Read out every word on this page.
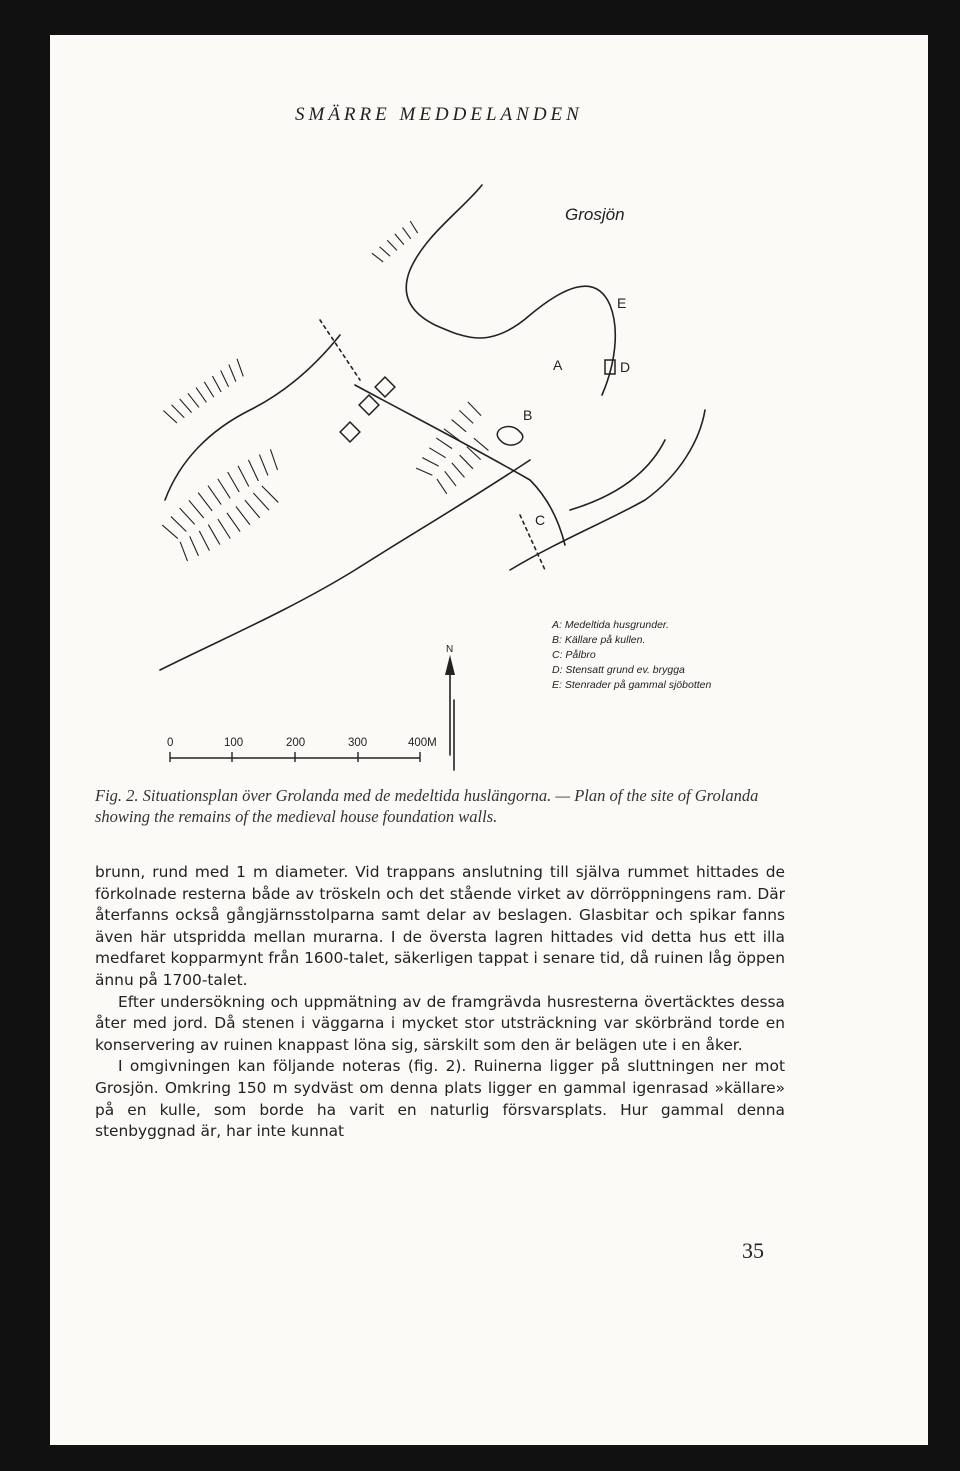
SMÄRRE MEDDELANDEN
Grosjön
A
B
C
D
E
N
A: Medeltida husgrunder.
B: Källare på kullen.
C: Pålbro
D: Stensatt grund ev. brygga
E: Stenrader på gammal sjöbotten
0	100	200	300	400M
Fig. 2. Situationsplan över Grolanda med de medeltida huslängorna. — Plan of the site of Grolanda showing the remains of the medieval house foundation walls.

brunn, rund med 1 m diameter. Vid trappans anslutning till själva rummet hittades de förkolnade resterna både av tröskeln och det stående virket av dörröppningens ram. Där återfanns också gångjärnsstolparna samt delar av beslagen. Glasbitar och spikar fanns även här utspridda mellan murarna. I de översta lagren hittades vid detta hus ett illa medfaret kopparmynt från 1600-talet, säkerligen tappat i senare tid, då ruinen låg öppen ännu på 1700-talet.

Efter undersökning och uppmätning av de framgrävda husresterna övertäcktes dessa åter med jord. Då stenen i väggarna i mycket stor utsträckning var skörbränd torde en konservering av ruinen knappast löna sig, särskilt som den är belägen ute i en åker.

I omgivningen kan följande noteras (fig. 2). Ruinerna ligger på sluttningen ner mot Grosjön. Omkring 150 m sydväst om denna plats ligger en gammal igenrasad »källare» på en kulle, som borde ha varit en naturlig försvarsplats. Hur gammal denna stenbyggnad är, har inte kunnat

35
